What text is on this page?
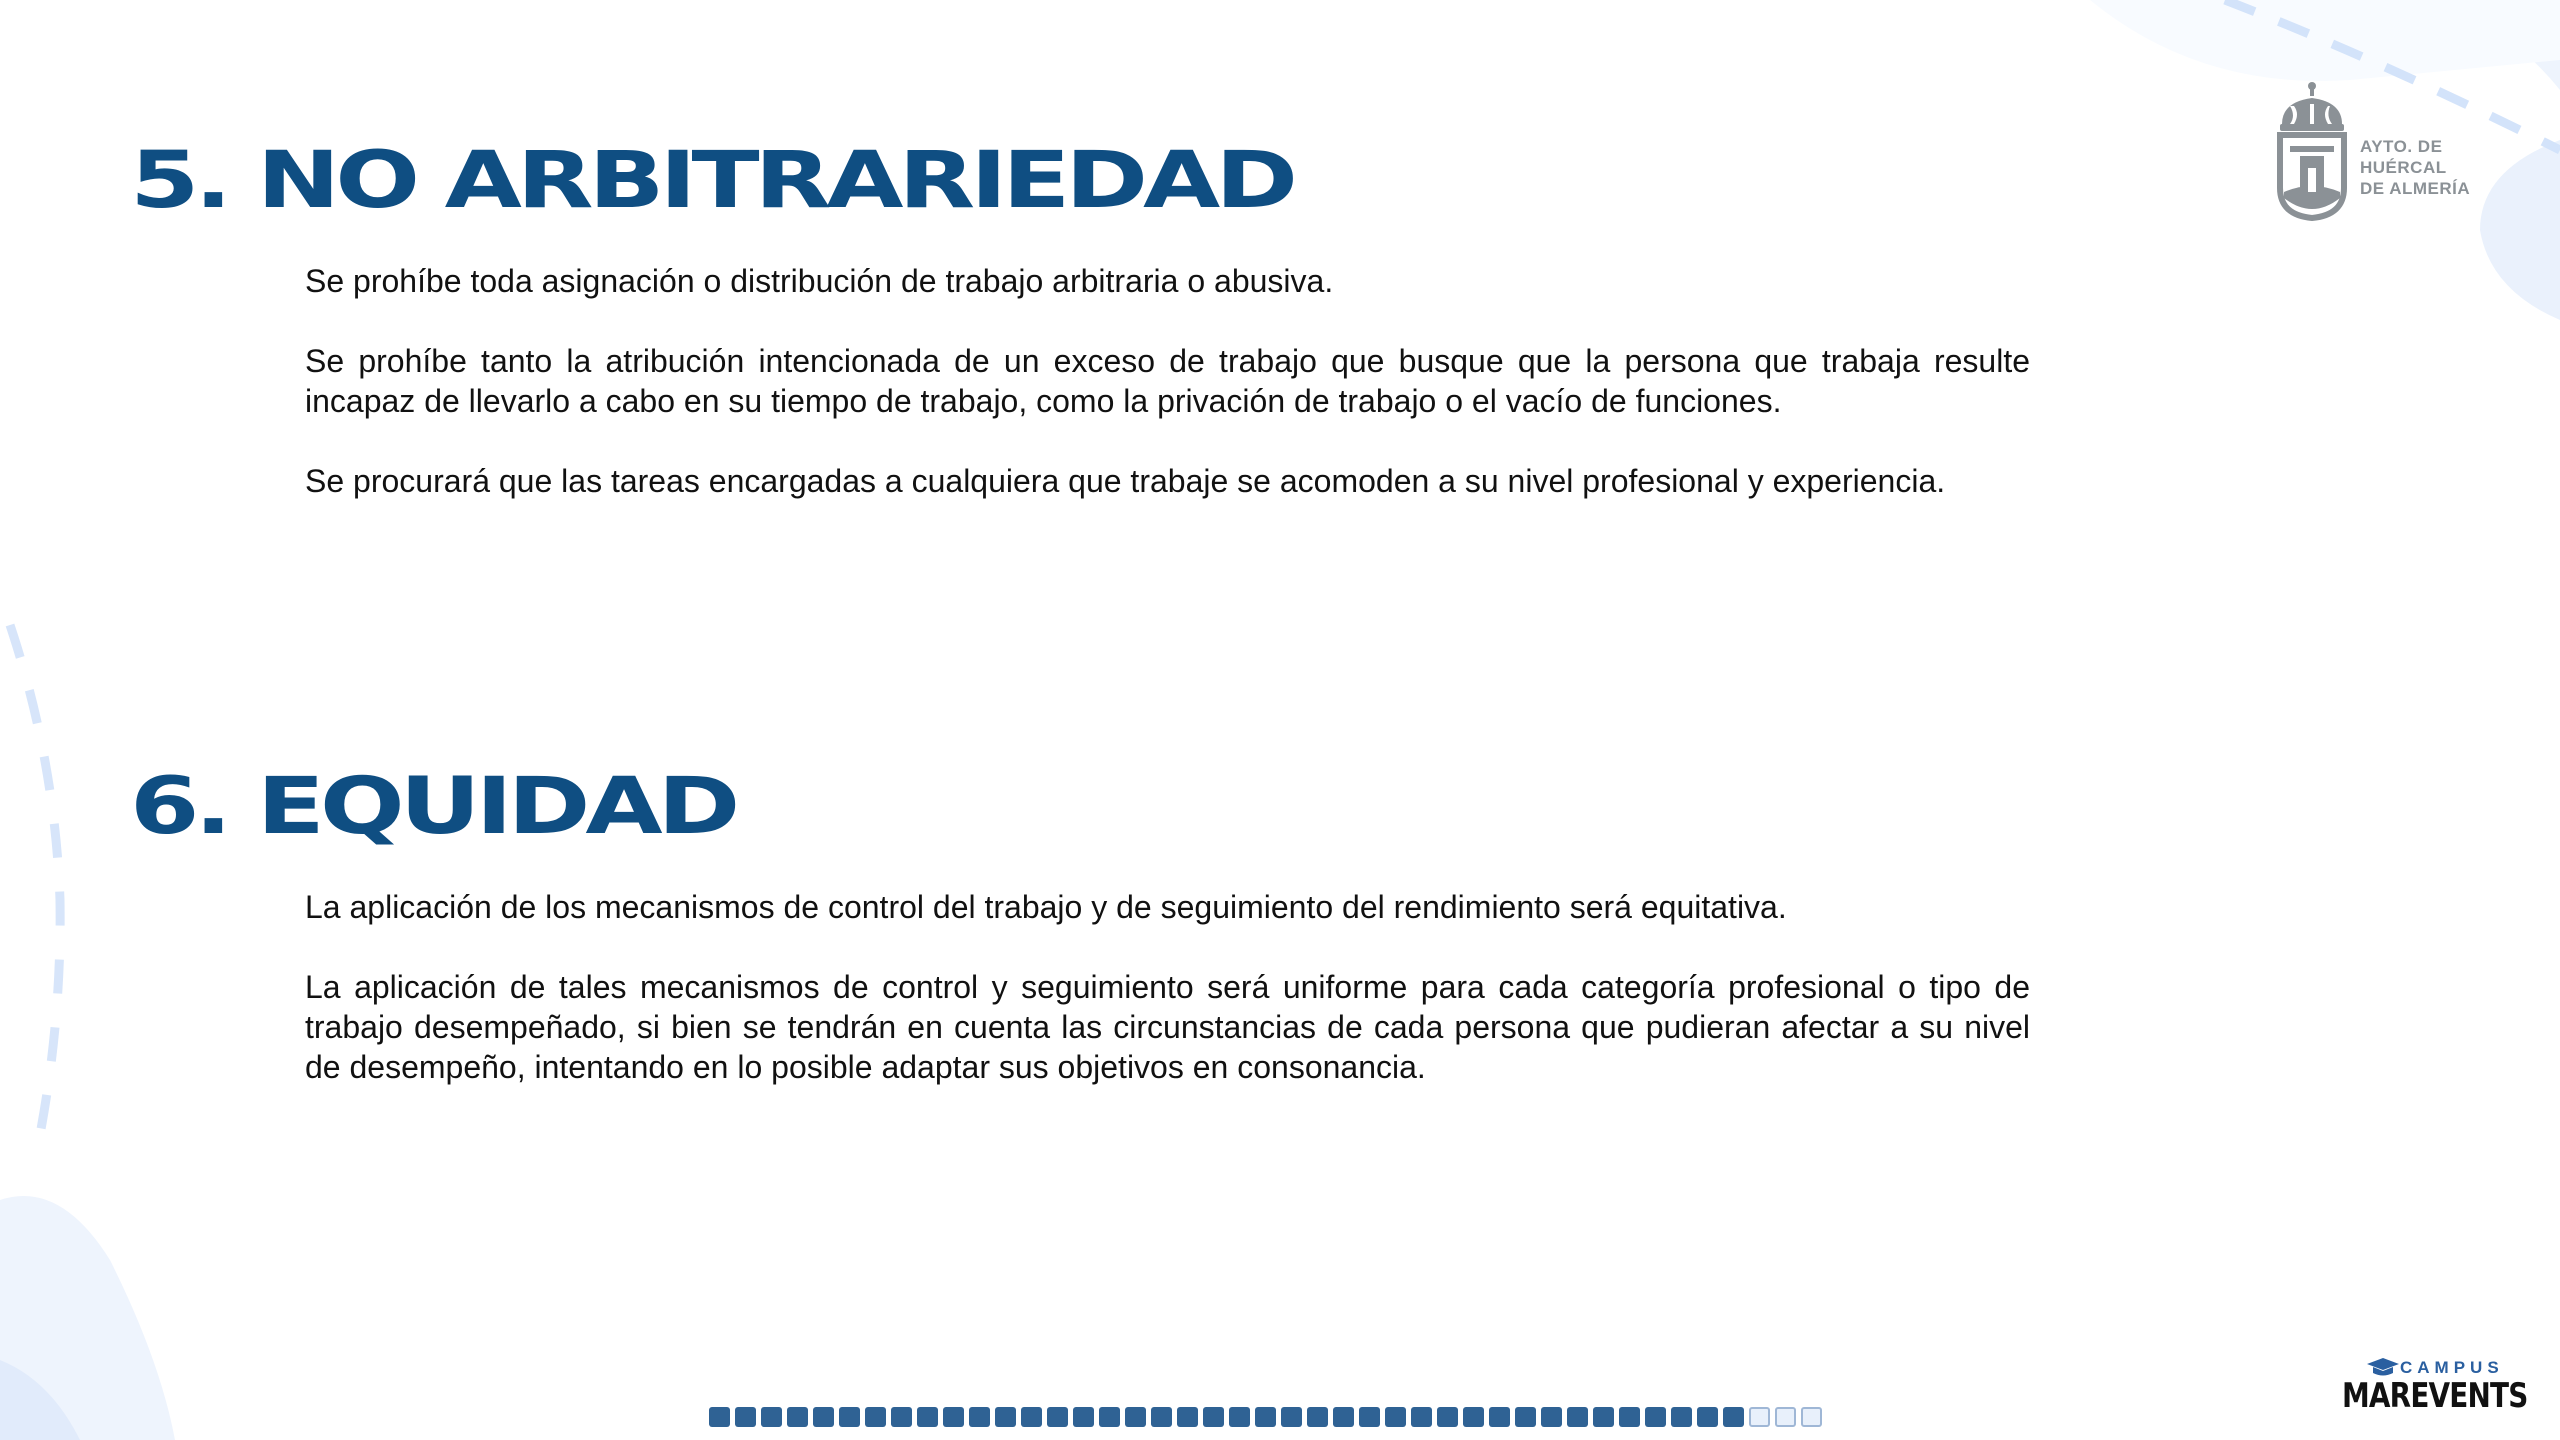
5. NO ARBITRARIEDAD

Se prohíbe toda asignación o distribución de trabajo arbitraria o abusiva.

Se prohíbe tanto la atribución intencionada de un exceso de trabajo que busque que la persona que trabaja resulte incapaz de llevarlo a cabo en su tiempo de trabajo, como la privación de trabajo o el vacío de funciones.

Se procurará que las tareas encargadas a cualquiera que trabaje se acomoden a su nivel profesional y experiencia.

6. EQUIDAD

La aplicación de los mecanismos de control del trabajo y de seguimiento del rendimiento será equitativa.

La aplicación de tales mecanismos de control y seguimiento será uniforme para cada categoría profesional o tipo de trabajo desempeñado, si bien se tendrán en cuenta las circunstancias de cada persona que pudieran afectar a su nivel de desempeño, intentando en lo posible adaptar sus objetivos en consonancia.

AYTO. DE
HUÉRCAL
DE ALMERÍA
CAMPUS
MAREVENTS
